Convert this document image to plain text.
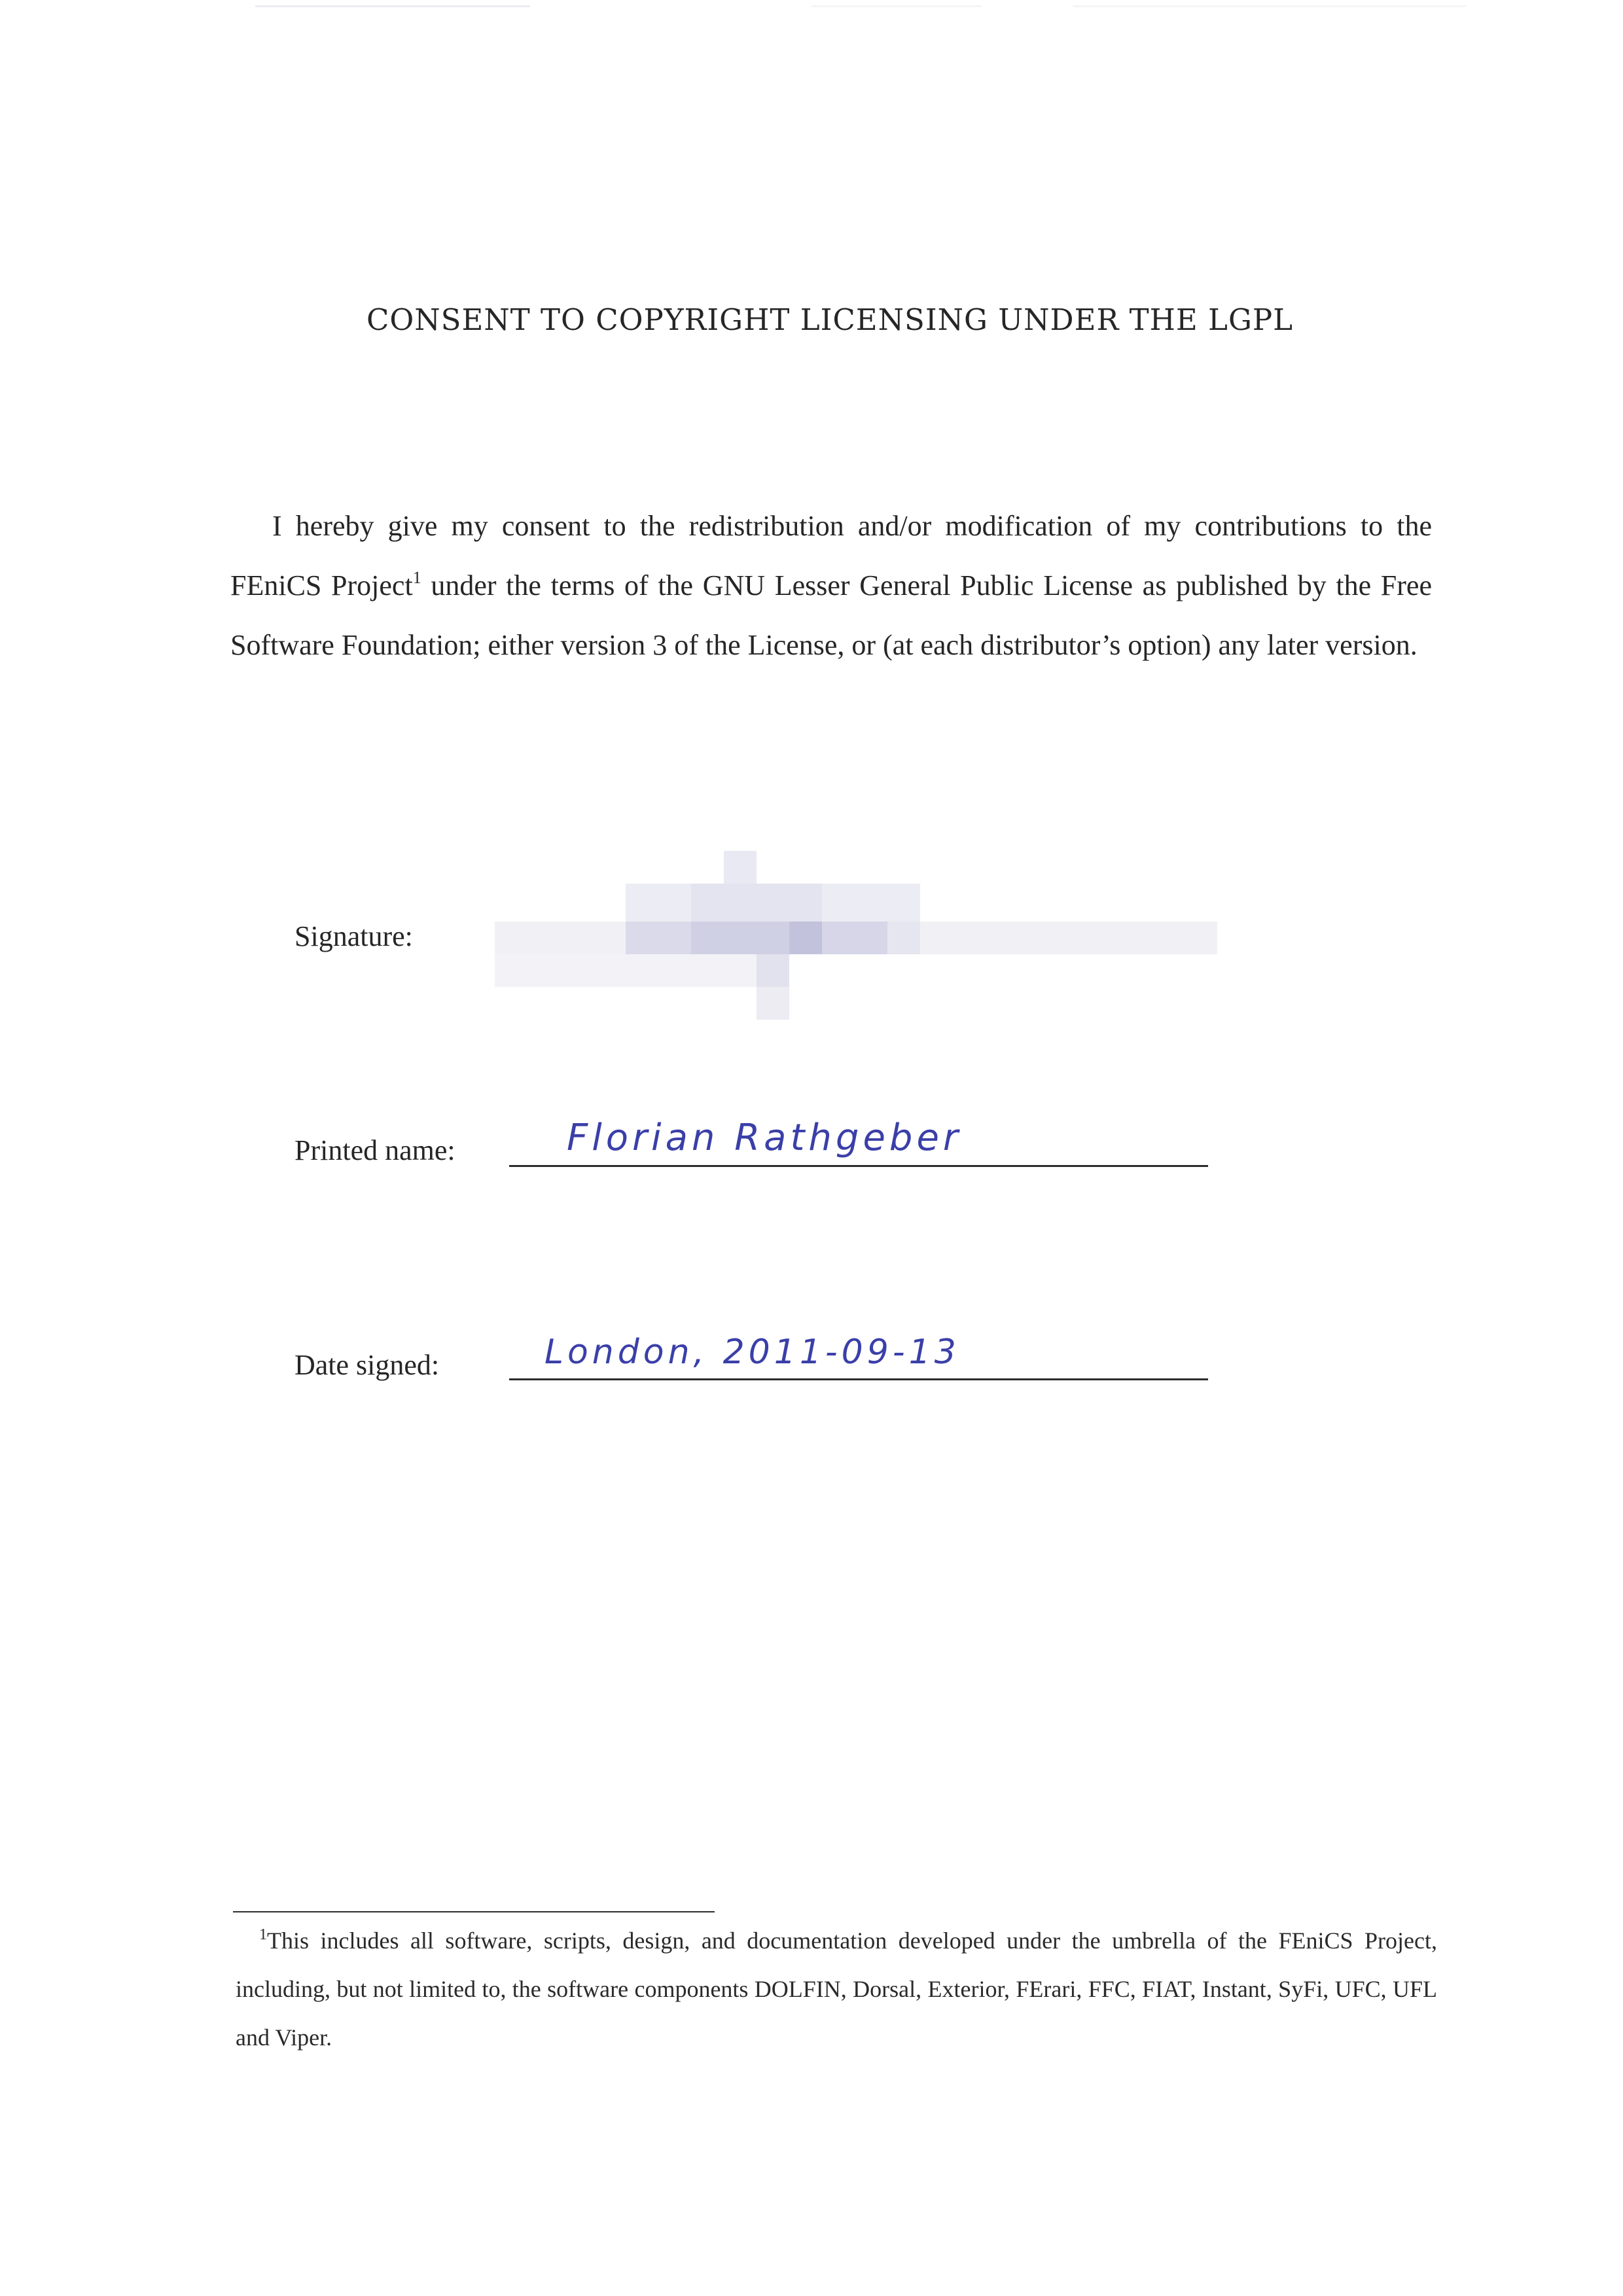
CONSENT TO COPYRIGHT LICENSING UNDER THE LGPL

I hereby give my consent to the redistribution and/or modification of my contributions to the FEniCS Project$^1$ under the terms of the GNU Lesser General Public License as published by the Free Software Foundation; either version 3 of the License, or (at each distributor’s option) any later version.

Signature:
Printed name:	Florian Rathgeber
Date signed:	London, 2011-09-13

$^1$This includes all software, scripts, design, and documentation developed under the umbrella of the FEniCS Project, including, but not limited to, the software components DOLFIN, Dorsal, Exterior, FErari, FFC, FIAT, Instant, SyFi, UFC, UFL and Viper.
